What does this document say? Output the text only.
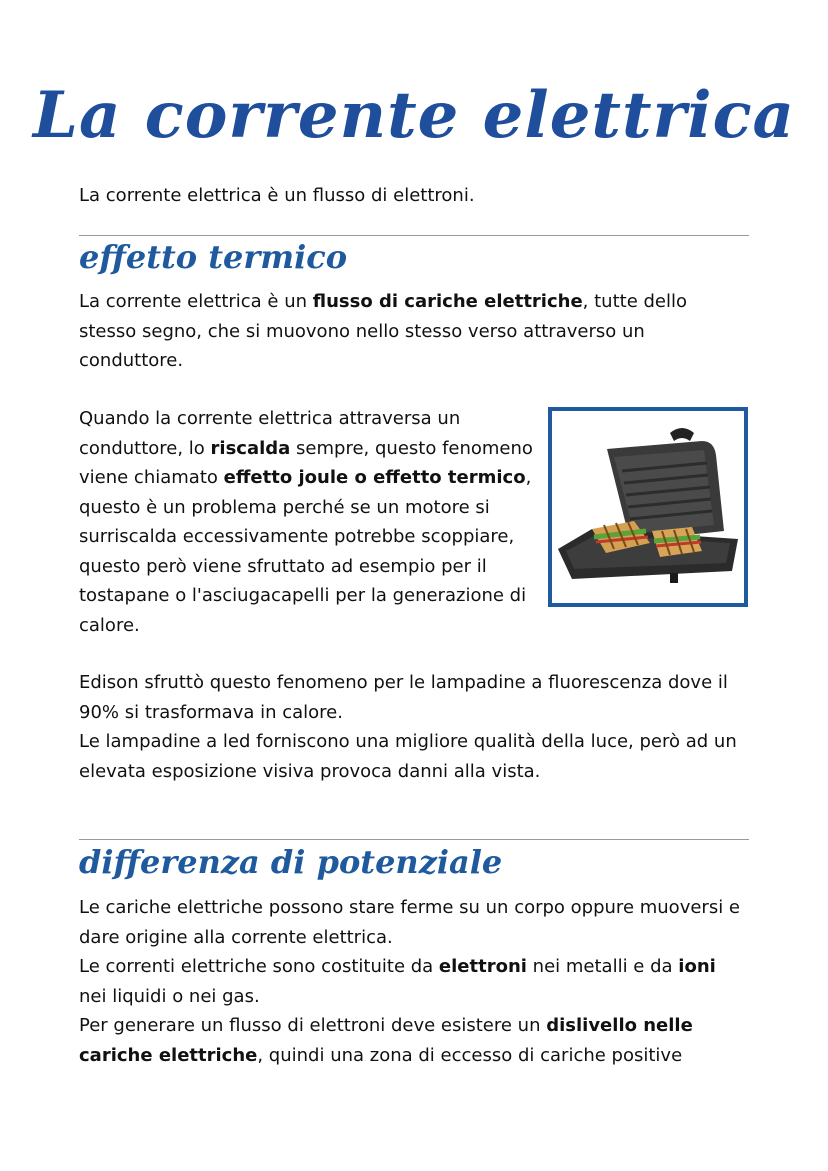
La corrente elettrica

La corrente elettrica è un flusso di elettroni.

effetto termico

La corrente elettrica è un flusso di cariche elettriche, tutte dello stesso segno, che si muovono nello stesso verso attraverso un conduttore.

Quando la corrente elettrica attraversa un conduttore, lo riscalda sempre, questo fenomeno viene chiamato effetto joule o effetto termico, questo è un problema perché se un motore si surriscalda eccessivamente potrebbe scoppiare, questo però viene sfruttato ad esempio per il tostapane o l'asciugacapelli per la generazione di calore.

Edison sfruttò questo fenomeno per le lampadine a fluorescenza dove il 90% si trasformava in calore.
Le lampadine a led forniscono una migliore qualità della luce, però ad un elevata esposizione visiva provoca danni alla vista.

differenza di potenziale

Le cariche elettriche possono stare ferme su un corpo oppure muoversi e dare origine alla corrente elettrica.
Le correnti elettriche sono costituite da elettroni nei metalli e da ioni nei liquidi o nei gas.
Per generare un flusso di elettroni deve esistere un dislivello nelle cariche elettriche, quindi una zona di eccesso di cariche positive
